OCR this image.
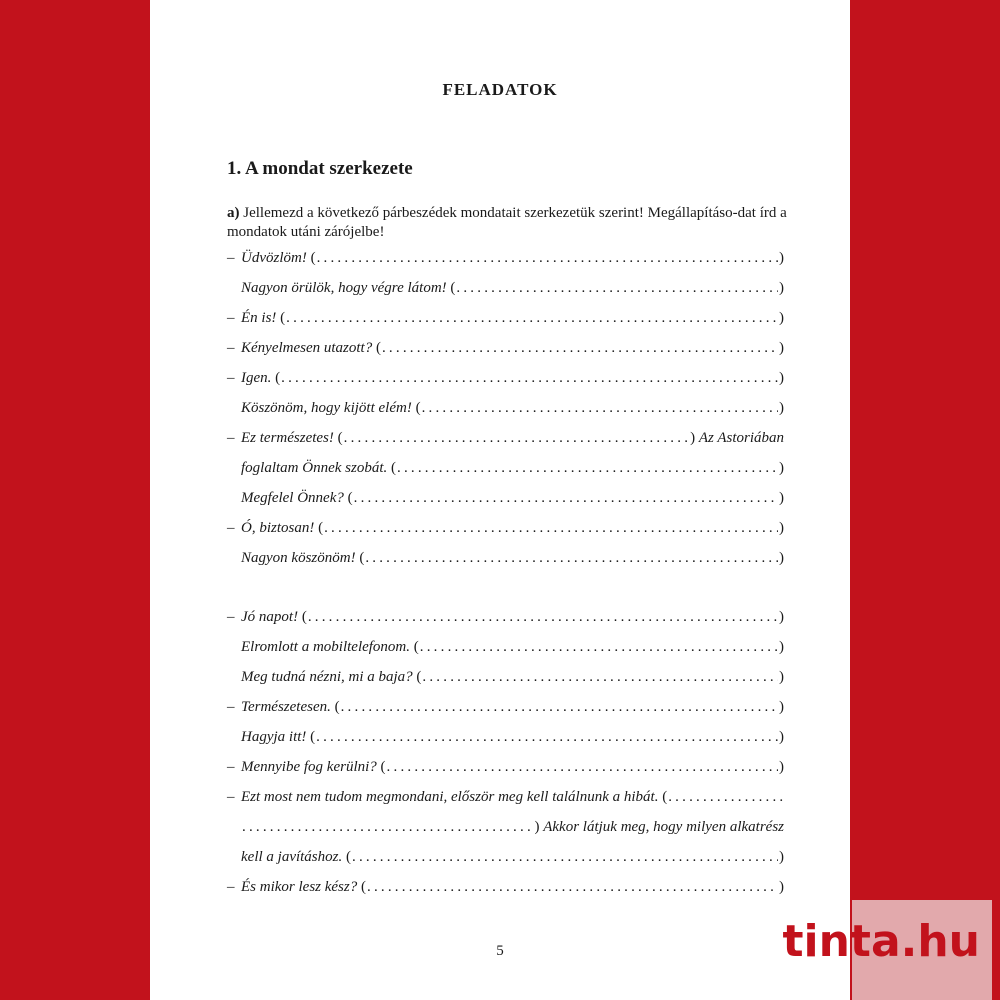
FELADATOK
1. A mondat szerkezete
a) Jellemezd a következő párbeszédek mondatait szerkezetük szerint! Megállapításo-dat írd a mondatok utáni zárójelbe!
– Üdvözlöm! ( .....	)
Nagyon örülök, hogy végre látom! ( .....	)
– Én is! ( .....	)
– Kényelmesen utazott? ( .....	)
– Igen. ( .....	)
Köszönöm, hogy kijött elém! ( .....	)
– Ez természetes! ( .....	) Az Astoriában
foglaltam Önnek szobát. ( .....	)
Megfelel Önnek? ( .....	)
– Ó, biztosan! ( .....	)
Nagyon köszönöm! ( .....	)
– Jó napot! ( .....	)
Elromlott a mobiltelefonom. ( .....	)
Meg tudná nézni, mi a baja? ( .....	)
– Természetesen. ( .....	)
Hagyja itt! ( .....	)
– Mennyibe fog kerülni? ( .....	)
– Ezt most nem tudom megmondani, először meg kell találnunk a hibát. (
.....
.....
) Akkor látjuk meg, hogy milyen alkatrész
kell a javításhoz. ( .....	)
– És mikor lesz kész? ( .....	)
5	tinta.hu
